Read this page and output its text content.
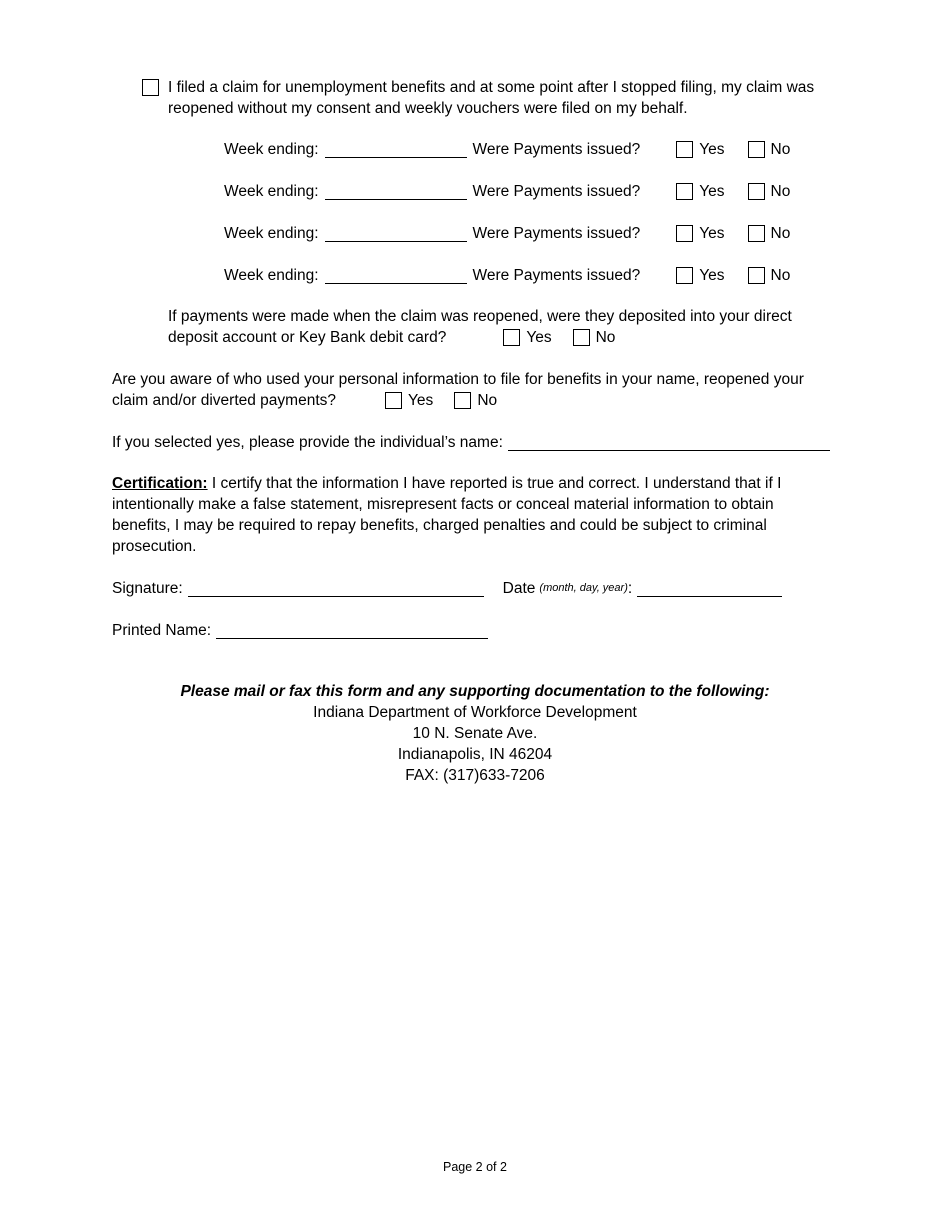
I filed a claim for unemployment benefits and at some point after I stopped filing, my claim was reopened without my consent and weekly vouchers were filed on my behalf.
Week ending:	Were Payments issued?	Yes	No
Week ending:	Were Payments issued?	Yes	No
Week ending:	Were Payments issued?	Yes	No
Week ending:	Were Payments issued?	Yes	No
If payments were made when the claim was reopened, were they deposited into your direct
deposit account or Key Bank debit card?	Yes	No
Are you aware of who used your personal information to file for benefits in your name, reopened your
claim and/or diverted payments?	Yes	No
If you selected yes, please provide the individual’s name:
Certification: I certify that the information I have reported is true and correct. I understand that if I
intentionally make a false statement, misrepresent facts or conceal material information to obtain
benefits, I may be required to repay benefits, charged penalties and could be subject to criminal
prosecution.
Signature:	Date (month, day, year) :
Printed Name:
Please mail or fax this form and any supporting documentation to the following:
Indiana Department of Workforce Development
10 N. Senate Ave.
Indianapolis, IN 46204
FAX: (317)633-7206
Page 2 of 2
